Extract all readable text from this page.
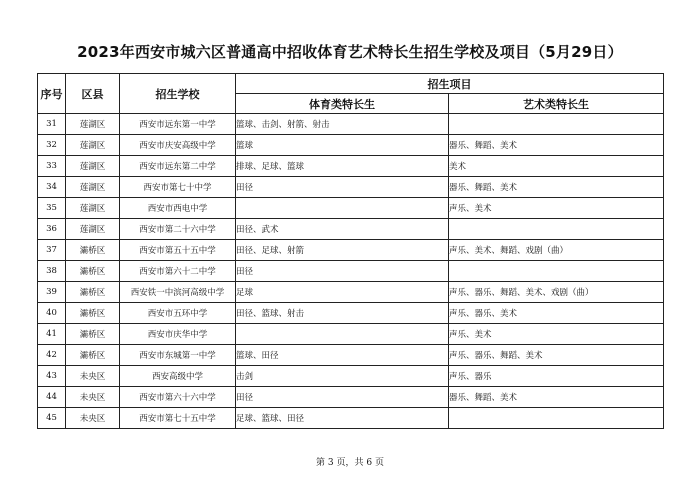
2023年西安市城六区普通高中招收体育艺术特长生招生学校及项目（5月29日）
序号	区县	招生学校	招生项目	
			体育类特长生	艺术类特长生
31	莲湖区	西安市远东第一中学	篮球、击剑、射箭、射击	
32	莲湖区	西安市庆安高级中学	篮球	器乐、舞蹈、美术
33	莲湖区	西安市远东第二中学	排球、足球、篮球	美术
34	莲湖区	西安市第七十中学	田径	器乐、舞蹈、美术
35	莲湖区	西安市西电中学		声乐、美术
36	莲湖区	西安市第二十六中学	田径、武术	
37	灞桥区	西安市第五十五中学	田径、足球、射箭	声乐、美术、舞蹈、戏剧（曲）
38	灞桥区	西安市第六十二中学	田径	
39	灞桥区	西安铁一中滨河高级中学	足球	声乐、器乐、舞蹈、美术、戏剧（曲）
40	灞桥区	西安市五环中学	田径、篮球、射击	声乐、器乐、美术
41	灞桥区	西安市庆华中学		声乐、美术
42	灞桥区	西安市东城第一中学	篮球、田径	声乐、器乐、舞蹈、美术
43	未央区	西安高级中学	击剑	声乐、器乐
44	未央区	西安市第六十六中学	田径	器乐、舞蹈、美术
45	未央区	西安市第七十五中学	足球、篮球、田径	
第 3 页，共 6 页
